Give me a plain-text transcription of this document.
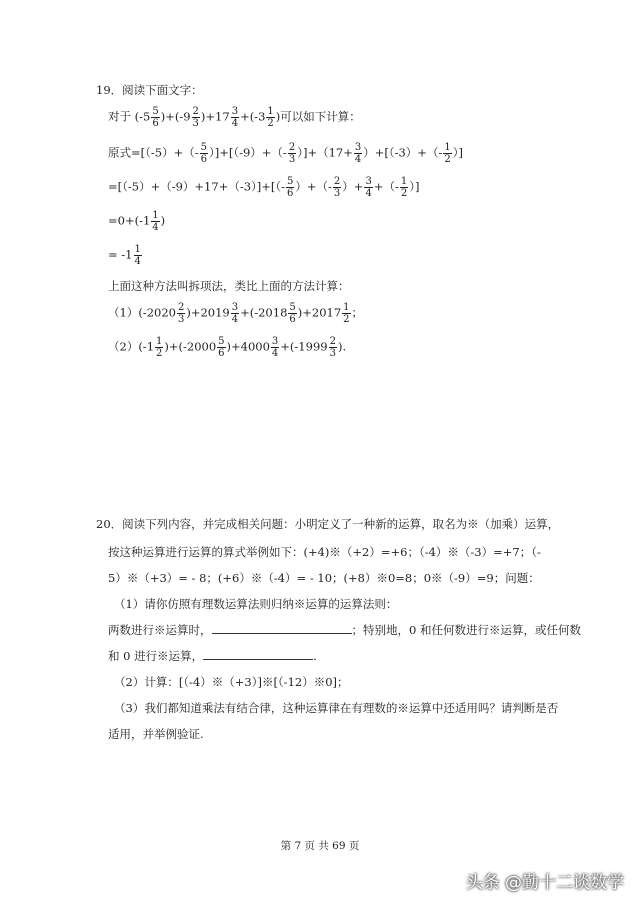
19．阅读下面文字：
对于 $(-5 \frac{5}{6} )+(-9 \frac{2}{3} )+17 \frac{3}{4} +(-3 \frac{1}{2}$ )可以如下计算：
原式$=[(-5)+(- \frac{5}{6} )]+[(-9)+(- \frac{2}{3} )]+(17+ \frac{3}{4} )+[(-3)+(- \frac{1}{2}$ ）]
$=[(-5)+(-9)+17+(-3)]+[(- \frac{5}{6}$ ）+（- $\frac{2}{3}$ ）+ $\frac{3}{4}$ +（- $\frac{1}{2}$ ）]
$=0+(-1 \frac{1}{4}$ )
= $-1 \frac{1}{4}$
上面这种方法叫拆项法，类比上面的方法计算：
$(1)(-2020 \frac{2}{3} )+2019 \frac{3}{4} +(-2018 \frac{5}{6} )+2017 \frac{1}{2}$ ；
$(2)(-1 \frac{1}{2} )+(-2000 \frac{5}{6} )+4000 \frac{3}{4} +(-1999 \frac{2}{3}$ ).
20．阅读下列内容，并完成相关问题：小明定义了一种新的运算，取名为※（加乘）运算，
按这种运算进行运算的算式举例如下：(+4)※（+2）=+6；（-4）※（-3）=+7；（-
5）※（+3）= - 8；(+6）※（-4）= - 10；(+8）※0=8；0※（-9）=9；问题：
（1）请你仿照有理数运算法则归纳※运算的运算法则：
两数进行※运算时，	；特别地，0 和任何数进行※运算，或任何数
和 0 进行※运算，	.
（2）计算：[（-4）※（+3）]※[（-12）※0]；
（3）我们都知道乘法有结合律，这种运算律在有理数的※运算中还适用吗？请判断是否
适用，并举例验证.
第 7 页 共 69 页
头条 @勤十二谈数学
